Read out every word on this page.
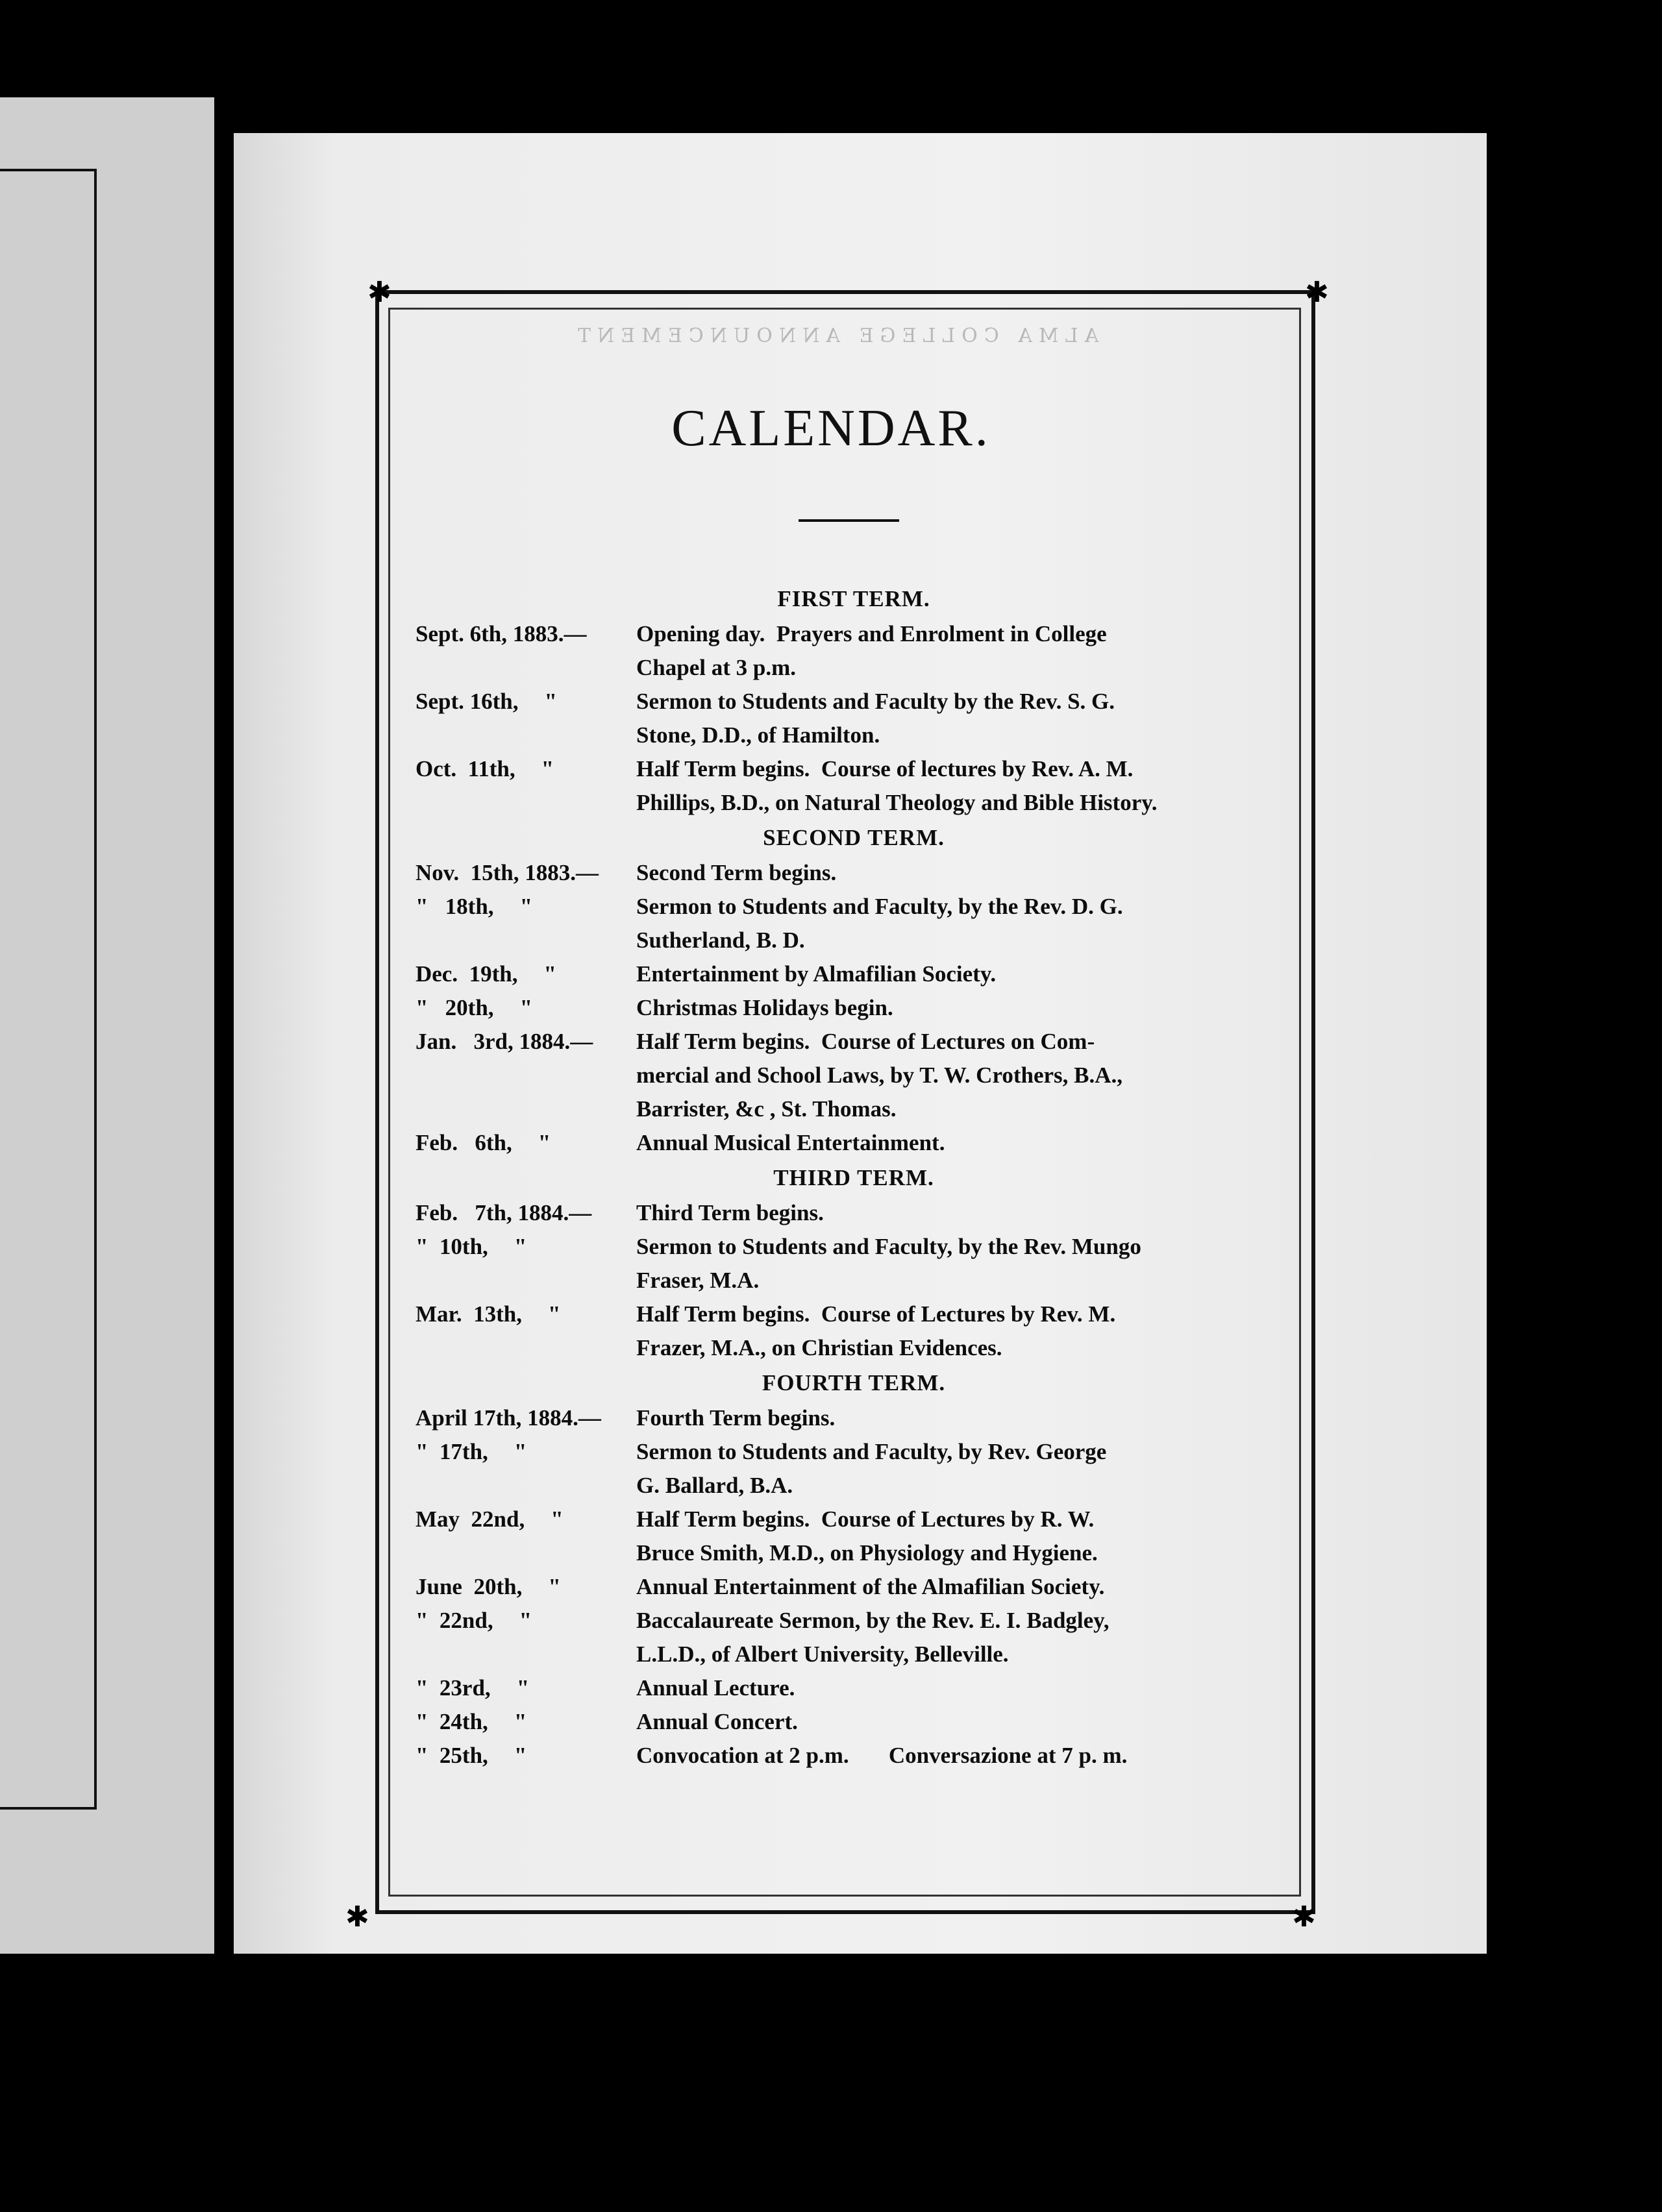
✱	✱
✱	✱
ALMA COLLEGE ANNOUNCEMENT
CALENDAR.
FIRST TERM.
Sept. 6th, 1883.—	Opening day.  Prayers and Enrolment in College
Chapel at 3 p.m.
Sept. 16th, "	Sermon to Students and Faculty by the Rev. S. G.
Stone, D.D., of Hamilton.
Oct.  11th, "	Half Term begins.  Course of lectures by Rev. A. M.
Phillips, B.D., on Natural Theology and Bible History.
SECOND TERM.
Nov.  15th, 1883.—	Second Term begins.
"   18th, "	Sermon to Students and Faculty, by the Rev. D. G.
Sutherland, B. D.
Dec.  19th, "	Entertainment by Almafilian Society.
"   20th, "	Christmas Holidays begin.
Jan.   3rd, 1884.—	Half Term begins.  Course of Lectures on Com-
mercial and School Laws, by T. W. Crothers, B.A.,
Barrister, &c , St. Thomas.
Feb.   6th, "	Annual Musical Entertainment.
THIRD TERM.
Feb.   7th, 1884.—	Third Term begins.
"  10th, "	Sermon to Students and Faculty, by the Rev. Mungo
Fraser, M.A.
Mar.  13th, "	Half Term begins.  Course of Lectures by Rev. M.
Frazer, M.A., on Christian Evidences.
FOURTH TERM.
April 17th, 1884.—	Fourth Term begins.
"  17th, "	Sermon to Students and Faculty, by Rev. George
G. Ballard, B.A.
May  22nd, "	Half Term begins.  Course of Lectures by R. W.
Bruce Smith, M.D., on Physiology and Hygiene.
June  20th, "	Annual Entertainment of the Almafilian Society.
"  22nd, "	Baccalaureate Sermon, by the Rev. E. I. Badgley,
L.L.D., of Albert University, Belleville.
"  23rd, "	Annual Lecture.
"  24th, "	Annual Concert.
"  25th, "	Convocation at 2 p.m.       Conversazione at 7 p. m.
